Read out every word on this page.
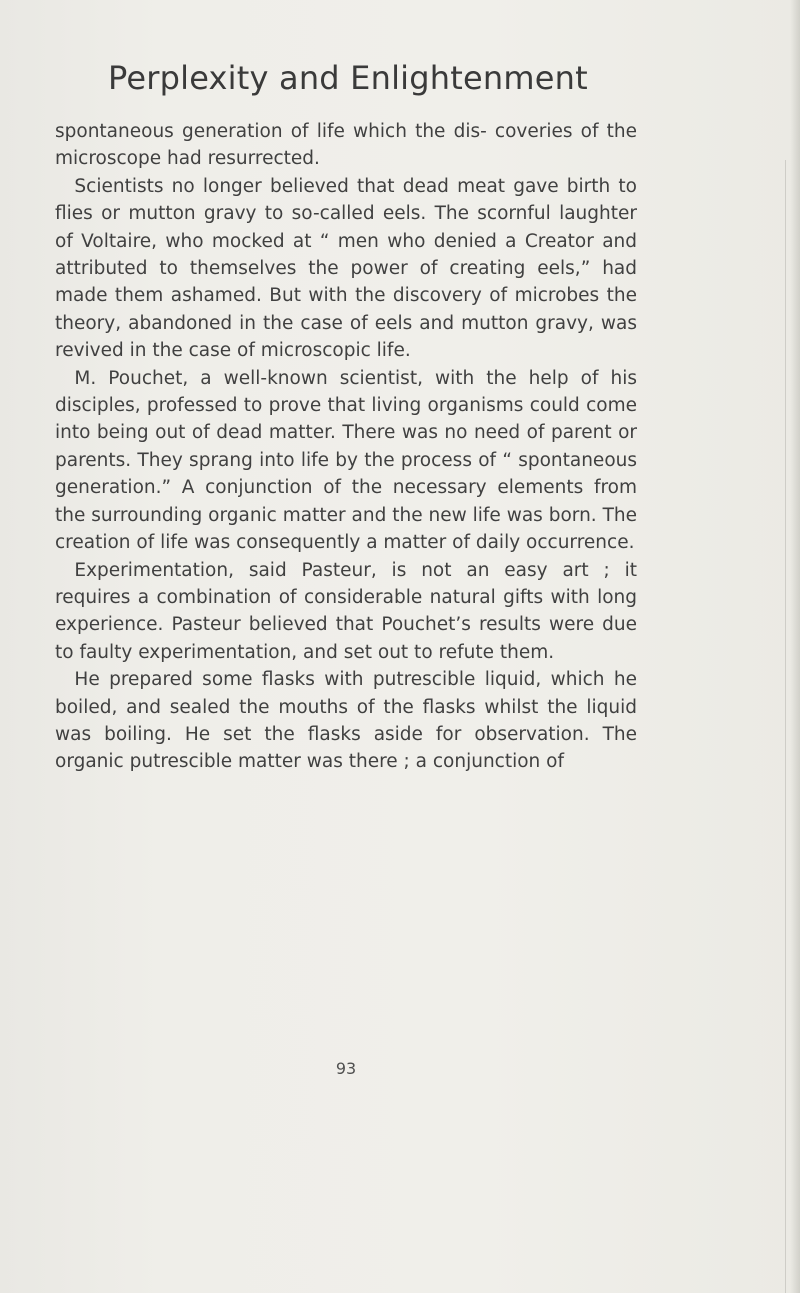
Perplexity and Enlightenment

spontaneous generation of life which the dis- coveries of the microscope had resurrected.

Scientists no longer believed that dead meat gave birth to flies or mutton gravy to so-called eels. The scornful laughter of Voltaire, who mocked at “ men who denied a Creator and attributed to themselves the power of creating eels,” had made them ashamed. But with the discovery of microbes the theory, abandoned in the case of eels and mutton gravy, was revived in the case of microscopic life.

M. Pouchet, a well-known scientist, with the help of his disciples, professed to prove that living organisms could come into being out of dead matter. There was no need of parent or parents. They sprang into life by the process of “ spontaneous generation.” A conjunction of the necessary elements from the surrounding organic matter and the new life was born. The creation of life was consequently a matter of daily occurrence.

Experimentation, said Pasteur, is not an easy art ; it requires a combination of considerable natural gifts with long experience. Pasteur believed that Pouchet’s results were due to faulty experimentation, and set out to refute them.

He prepared some flasks with putrescible liquid, which he boiled, and sealed the mouths of the flasks whilst the liquid was boiling. He set the flasks aside for observation. The organic putrescible matter was there ; a conjunction of

93
